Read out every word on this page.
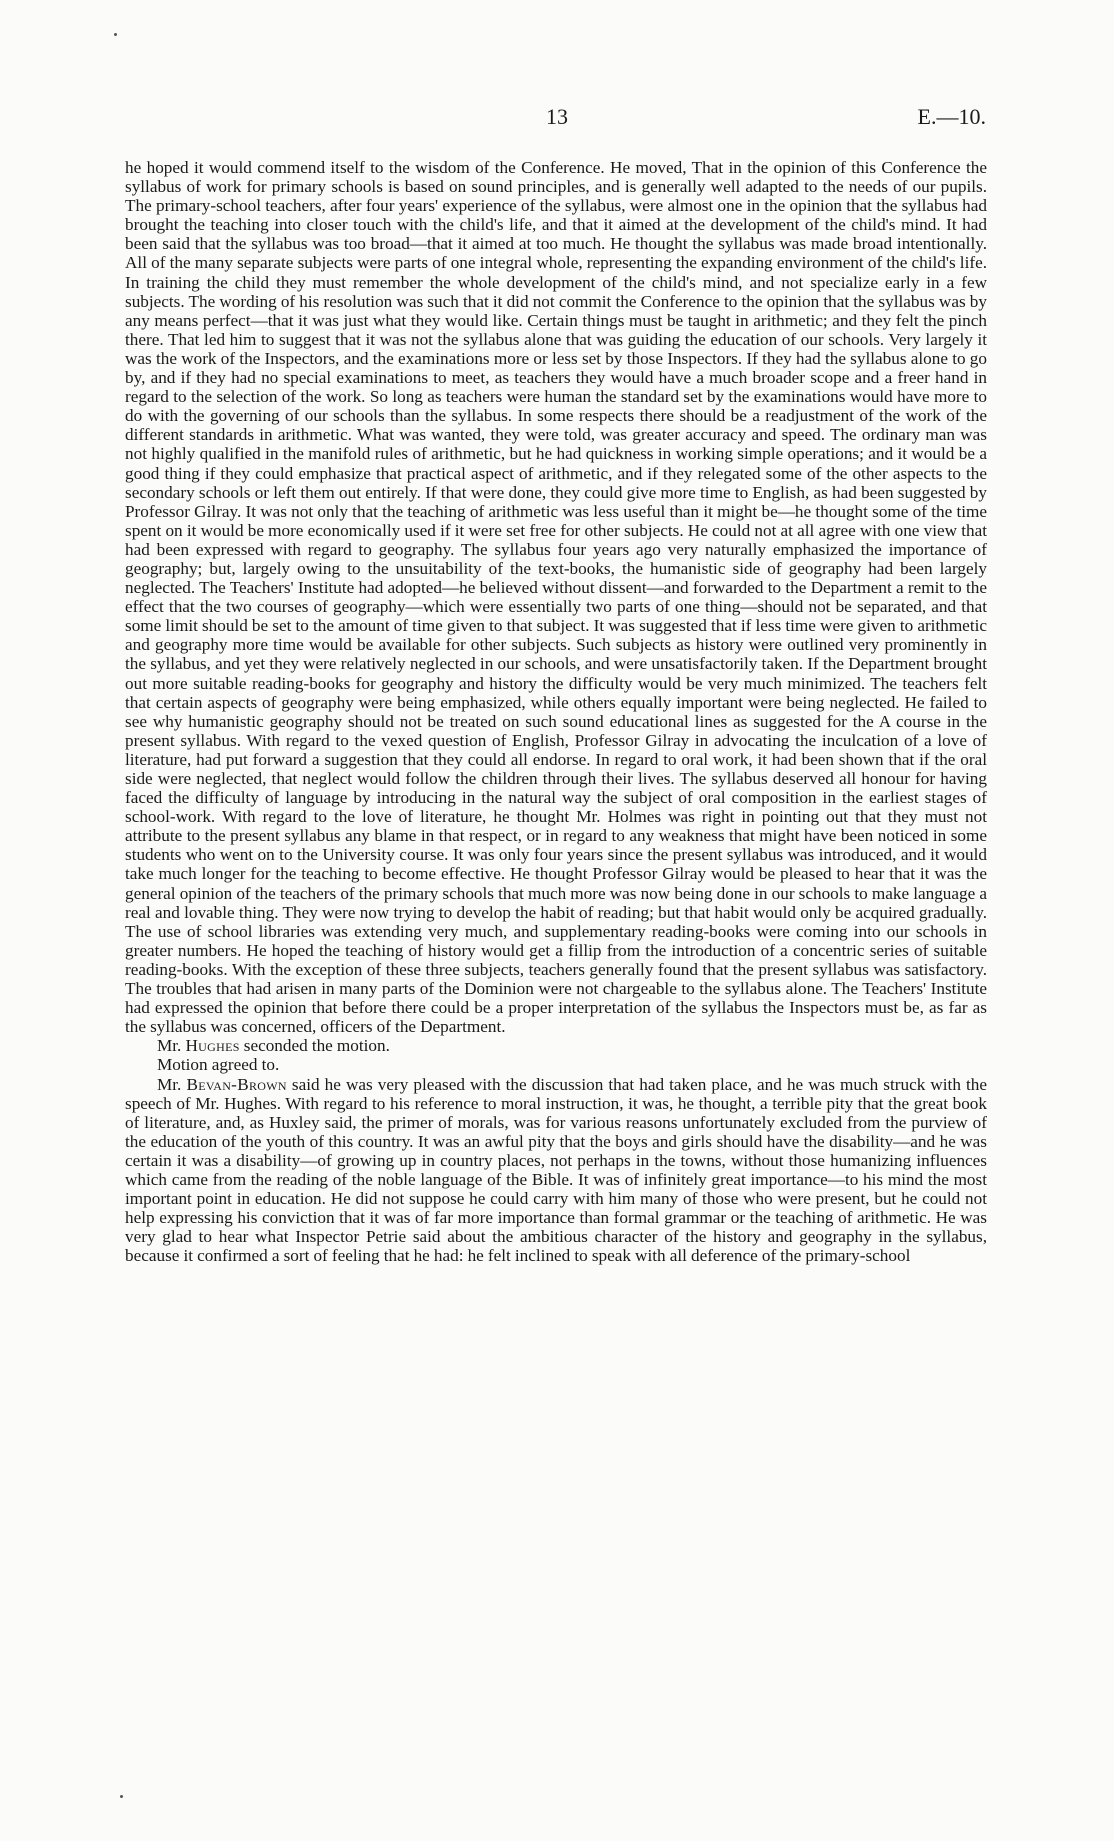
13	E.—10.

he hoped it would commend itself to the wisdom of the Conference. He moved, That in the opinion of this Conference the syllabus of work for primary schools is based on sound principles, and is generally well adapted to the needs of our pupils. The primary-school teachers, after four years' experience of the syllabus, were almost one in the opinion that the syllabus had brought the teaching into closer touch with the child's life, and that it aimed at the development of the child's mind. It had been said that the syllabus was too broad—that it aimed at too much. He thought the syllabus was made broad intentionally. All of the many separate subjects were parts of one integral whole, representing the expanding environment of the child's life. In training the child they must remember the whole development of the child's mind, and not specialize early in a few subjects. The wording of his resolution was such that it did not commit the Conference to the opinion that the syllabus was by any means perfect—that it was just what they would like. Certain things must be taught in arithmetic; and they felt the pinch there. That led him to suggest that it was not the syllabus alone that was guiding the education of our schools. Very largely it was the work of the Inspectors, and the examinations more or less set by those Inspectors. If they had the syllabus alone to go by, and if they had no special examinations to meet, as teachers they would have a much broader scope and a freer hand in regard to the selection of the work. So long as teachers were human the standard set by the examinations would have more to do with the governing of our schools than the syllabus. In some respects there should be a readjustment of the work of the different standards in arithmetic. What was wanted, they were told, was greater accuracy and speed. The ordinary man was not highly qualified in the manifold rules of arithmetic, but he had quickness in working simple operations; and it would be a good thing if they could emphasize that practical aspect of arithmetic, and if they relegated some of the other aspects to the secondary schools or left them out entirely. If that were done, they could give more time to English, as had been suggested by Professor Gilray. It was not only that the teaching of arithmetic was less useful than it might be—he thought some of the time spent on it would be more economically used if it were set free for other subjects. He could not at all agree with one view that had been expressed with regard to geography. The syllabus four years ago very naturally emphasized the importance of geography; but, largely owing to the unsuitability of the text-books, the humanistic side of geography had been largely neglected. The Teachers' Institute had adopted—he believed without dissent—and forwarded to the Department a remit to the effect that the two courses of geography—which were essentially two parts of one thing—should not be separated, and that some limit should be set to the amount of time given to that subject. It was suggested that if less time were given to arithmetic and geography more time would be available for other subjects. Such subjects as history were outlined very prominently in the syllabus, and yet they were relatively neglected in our schools, and were unsatisfactorily taken. If the Department brought out more suitable reading-books for geography and history the difficulty would be very much minimized. The teachers felt that certain aspects of geography were being emphasized, while others equally important were being neglected. He failed to see why humanistic geography should not be treated on such sound educational lines as suggested for the A course in the present syllabus. With regard to the vexed question of English, Professor Gilray in advocating the inculcation of a love of literature, had put forward a suggestion that they could all endorse. In regard to oral work, it had been shown that if the oral side were neglected, that neglect would follow the children through their lives. The syllabus deserved all honour for having faced the difficulty of language by introducing in the natural way the subject of oral composition in the earliest stages of school-work. With regard to the love of literature, he thought Mr. Holmes was right in pointing out that they must not attribute to the present syllabus any blame in that respect, or in regard to any weakness that might have been noticed in some students who went on to the University course. It was only four years since the present syllabus was introduced, and it would take much longer for the teaching to become effective. He thought Professor Gilray would be pleased to hear that it was the general opinion of the teachers of the primary schools that much more was now being done in our schools to make language a real and lovable thing. They were now trying to develop the habit of reading; but that habit would only be acquired gradually. The use of school libraries was extending very much, and supplementary reading-books were coming into our schools in greater numbers. He hoped the teaching of history would get a fillip from the introduction of a concentric series of suitable reading-books. With the exception of these three subjects, teachers generally found that the present syllabus was satisfactory. The troubles that had arisen in many parts of the Dominion were not chargeable to the syllabus alone. The Teachers' Institute had expressed the opinion that before there could be a proper interpretation of the syllabus the Inspectors must be, as far as the syllabus was concerned, officers of the Department.

Mr. Hughes seconded the motion.

Motion agreed to.

Mr. Bevan-Brown said he was very pleased with the discussion that had taken place, and he was much struck with the speech of Mr. Hughes. With regard to his reference to moral instruction, it was, he thought, a terrible pity that the great book of literature, and, as Huxley said, the primer of morals, was for various reasons unfortunately excluded from the purview of the education of the youth of this country. It was an awful pity that the boys and girls should have the disability—and he was certain it was a disability—of growing up in country places, not perhaps in the towns, without those humanizing influences which came from the reading of the noble language of the Bible. It was of infinitely great importance—to his mind the most important point in education. He did not suppose he could carry with him many of those who were present, but he could not help expressing his conviction that it was of far more importance than formal grammar or the teaching of arithmetic. He was very glad to hear what Inspector Petrie said about the ambitious character of the history and geography in the syllabus, because it confirmed a sort of feeling that he had: he felt inclined to speak with all deference of the primary-school
